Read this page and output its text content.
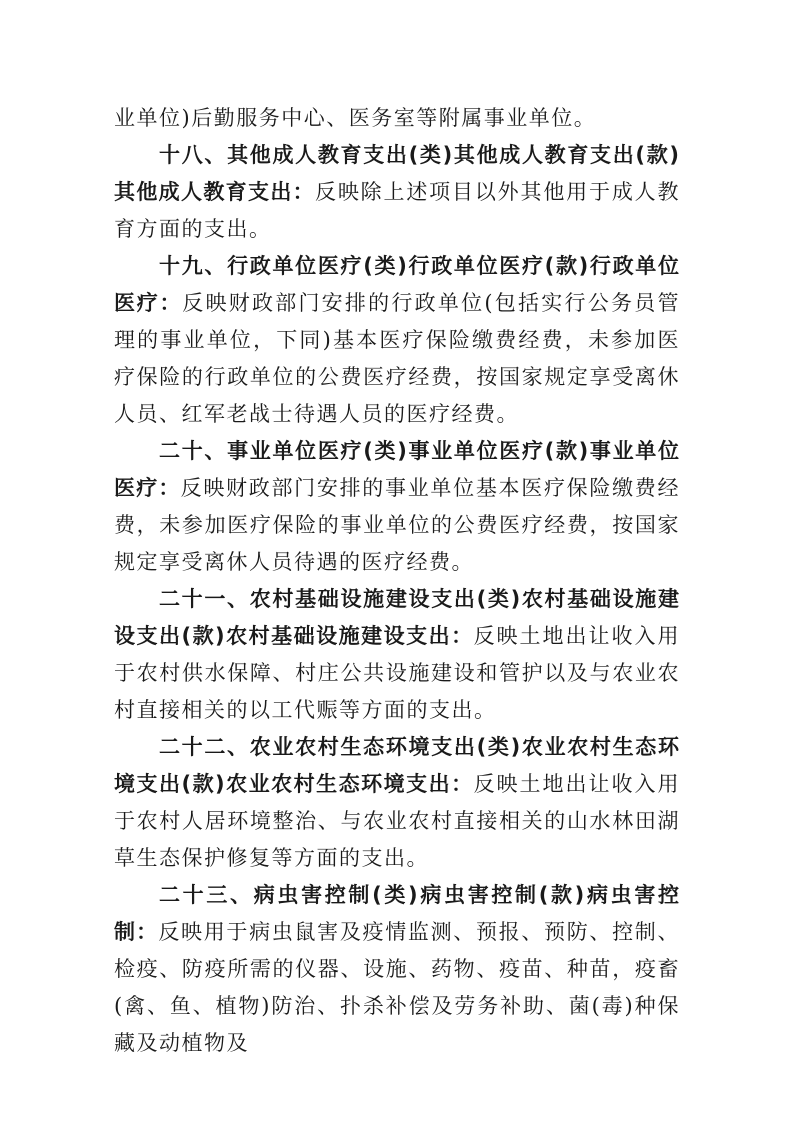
业单位)后勤服务中心、医务室等附属事业单位。

十八、其他成人教育支出(类)其他成人教育支出(款)其他成人教育支出：反映除上述项目以外其他用于成人教育方面的支出。

十九、行政单位医疗(类)行政单位医疗(款)行政单位医疗：反映财政部门安排的行政单位(包括实行公务员管理的事业单位，下同)基本医疗保险缴费经费，未参加医疗保险的行政单位的公费医疗经费，按国家规定享受离休人员、红军老战士待遇人员的医疗经费。

二十、事业单位医疗(类)事业单位医疗(款)事业单位医疗：反映财政部门安排的事业单位基本医疗保险缴费经费，未参加医疗保险的事业单位的公费医疗经费，按国家规定享受离休人员待遇的医疗经费。

二十一、农村基础设施建设支出(类)农村基础设施建设支出(款)农村基础设施建设支出：反映土地出让收入用于农村供水保障、村庄公共设施建设和管护以及与农业农村直接相关的以工代赈等方面的支出。

二十二、农业农村生态环境支出(类)农业农村生态环境支出(款)农业农村生态环境支出：反映土地出让收入用于农村人居环境整治、与农业农村直接相关的山水林田湖草生态保护修复等方面的支出。

二十三、病虫害控制(类)病虫害控制(款)病虫害控制：反映用于病虫鼠害及疫情监测、预报、预防、控制、检疫、防疫所需的仪器、设施、药物、疫苗、种苗，疫畜(禽、鱼、植物)防治、扑杀补偿及劳务补助、菌(毒)种保藏及动植物及
